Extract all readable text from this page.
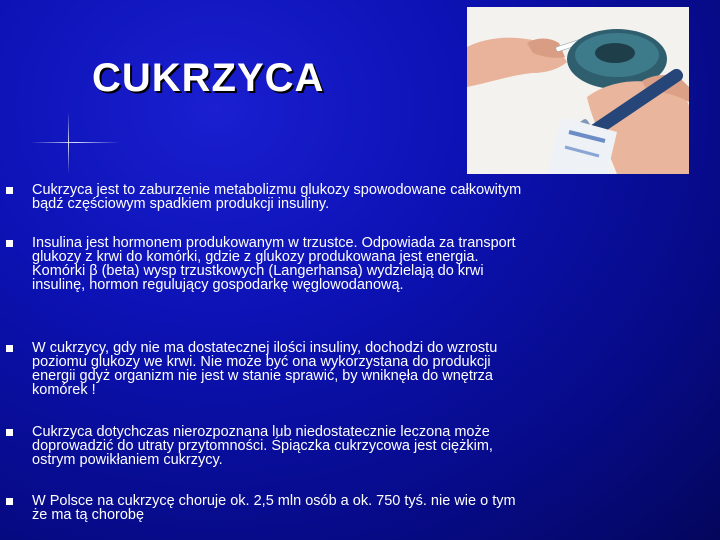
CUKRZYCA
Cukrzyca jest to zaburzenie metabolizmu glukozy spowodowane całkowitym
bądź częściowym spadkiem produkcji insuliny.
Insulina jest hormonem produkowanym w trzustce. Odpowiada za transport
glukozy z krwi do komórki, gdzie z glukozy produkowana jest energia.
Komórki β (beta) wysp trzustkowych (Langerhansa) wydzielają do krwi
insulinę, hormon regulujący gospodarkę węglowodanową.
W cukrzycy, gdy nie ma dostatecznej ilości insuliny, dochodzi do wzrostu
poziomu glukozy we krwi. Nie może być ona wykorzystana do produkcji
energii gdyż organizm nie jest w stanie sprawić, by wniknęła do wnętrza
komórek !
Cukrzyca dotychczas nierozpoznana lub niedostatecznie leczona może
doprowadzić do utraty przytomności. Śpiączka cukrzycowa jest ciężkim,
ostrym powikłaniem cukrzycy.
W Polsce na cukrzycę choruje ok. 2,5 mln osób a ok. 750 tyś. nie wie o tym
że ma tą chorobę
